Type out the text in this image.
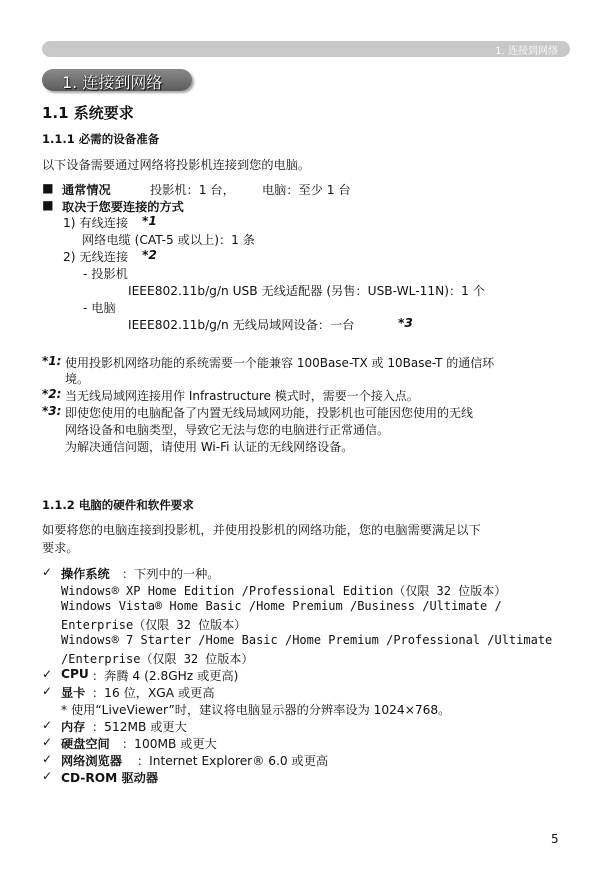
1. 连接到网络
1. 连接到网络
1.1 系统要求
1.1.1 必需的设备准备
以下设备需要通过网络将投影机连接到您的电脑。
■ 通常情况	投影机：1 台， 电脑：至少 1 台
■ 取决于您要连接的方式
1) 有线连接 *1
网络电缆 (CAT-5 或以上)：1 条
2) 无线连接 *2
- 投影机
IEEE802.11b/g/n USB 无线适配器 (另售：USB-WL-11N)：1 个
- 电脑
IEEE802.11b/g/n 无线局域网设备：一台	*3
*1: 使用投影机网络功能的系统需要一个能兼容 100Base-TX 或 10Base-T 的通信环
境。
*2: 当无线局域网连接用作 Infrastructure 模式时，需要一个接入点。
*3: 即使您使用的电脑配备了内置无线局域网功能，投影机也可能因您使用的无线
网络设备和电脑类型，导致它无法与您的电脑进行正常通信。
为解决通信问题，请使用 Wi-Fi 认证的无线网络设备。
1.1.2 电脑的硬件和软件要求
如要将您的电脑连接到投影机，并使用投影机的网络功能，您的电脑需要满足以下
要求。
✓ 操作系统 ：下列中的一种。
Windows® XP Home Edition /Professional Edition（仅限 32 位版本）
Windows Vista® Home Basic /Home Premium /Business /Ultimate /
Enterprise（仅限 32 位版本）
Windows® 7 Starter /Home Basic /Home Premium /Professional /Ultimate
/Enterprise（仅限 32 位版本）
✓ CPU ：奔腾 4 (2.8GHz 或更高)
✓ 显卡 ：16 位，XGA 或更高
* 使用“LiveViewer”时，建议将电脑显示器的分辨率设为 1024×768。
✓ 内存 ：512MB 或更大
✓ 硬盘空间 ：100MB 或更大
✓ 网络浏览器 ：Internet Explorer® 6.0 或更高
✓ CD-ROM 驱动器
5
